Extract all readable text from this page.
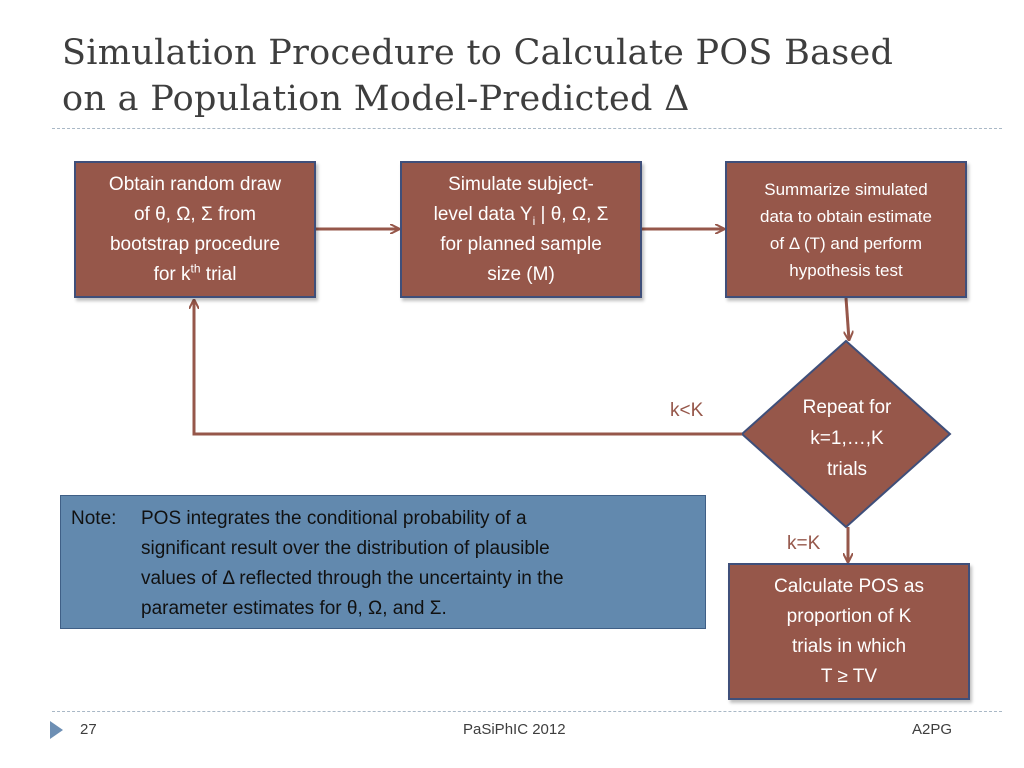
Simulation Procedure to Calculate POS Based
on a Population Model-Predicted Δ
Obtain random draw
of θ, Ω, Σ from
bootstrap procedure
for $k^{th}$ trial
Simulate subject-
level data $Y_i$ | θ, Ω, Σ
for planned sample
size (M)
Summarize simulated
data to obtain estimate
of Δ (T) and perform
hypothesis test
Repeat for
k=1,…,K
trials
k<K
k=K
Calculate POS as
proportion of K
trials in which
T ≥ TV
Note:	POS integrates the conditional probability of a
significant result over the distribution of plausible
values of Δ reflected through the uncertainty in the
parameter estimates for θ, Ω, and Σ.
27	PaSiPhIC 2012	A2PG
